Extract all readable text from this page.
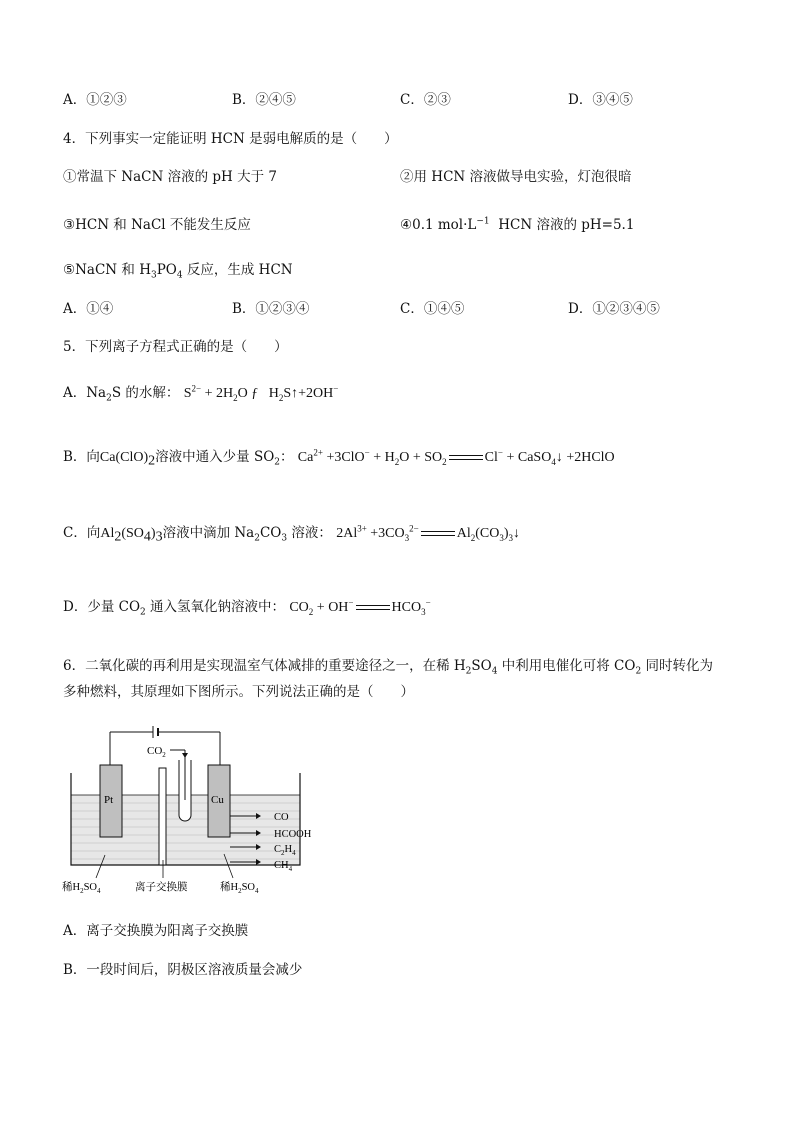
A．①②③	B．②④⑤	C．②③	D．③④⑤
4．下列事实一定能证明 HCN 是弱电解质的是（　　）
①常温下 NaCN 溶液的 pH 大于 7	②用 HCN 溶液做导电实验，灯泡很暗
③HCN 和 NaCl 不能发生反应	④0.1 $mol\cdot L^{-1}$  HCN 溶液的 pH=5.1
⑤NaCN 和 $H_3PO_4$ 反应，生成 HCN
A．①④	B．①②③④	C．①④⑤	D．①②③④⑤
5．下列离子方程式正确的是（　　）
A．$Na_2S$ 的水解： $S^{2-} + 2H_2O$ ƒ   $H_2S↑+2OH^-$
B．向$Ca(ClO)_2$溶液中通入少量 $SO_2$： $Ca^{2+} +3ClO^- + H_2O + SO_2$	Cl− + CaSO$_4$↓ +2HClO
C．向$Al_2(SO_4)_3$溶液中滴加 $Na_2CO_3$ 溶液： $2Al^{3+} +3CO_3^{2-}$	$Al_2(CO_3)_3↓$
D．少量 $CO_2$ 通入氢氧化钠溶液中： $CO_2 + OH^-$	$HCO_3^-$
6．二氧化碳的再利用是实现温室气体减排的重要途径之一，在稀 $H_2SO_4$ 中利用电催化可将 $CO_2$ 同时转化为
多种燃料，其原理如下图所示。下列说法正确的是（　　）
Pt	Cu
$CO_2$
CO
HCOOH
$C_2H_4$
$CH_4$
稀$H_2SO_4$	离子交换膜	稀$H_2SO_4$
A．离子交换膜为阳离子交换膜
B．一段时间后，阴极区溶液质量会减少
